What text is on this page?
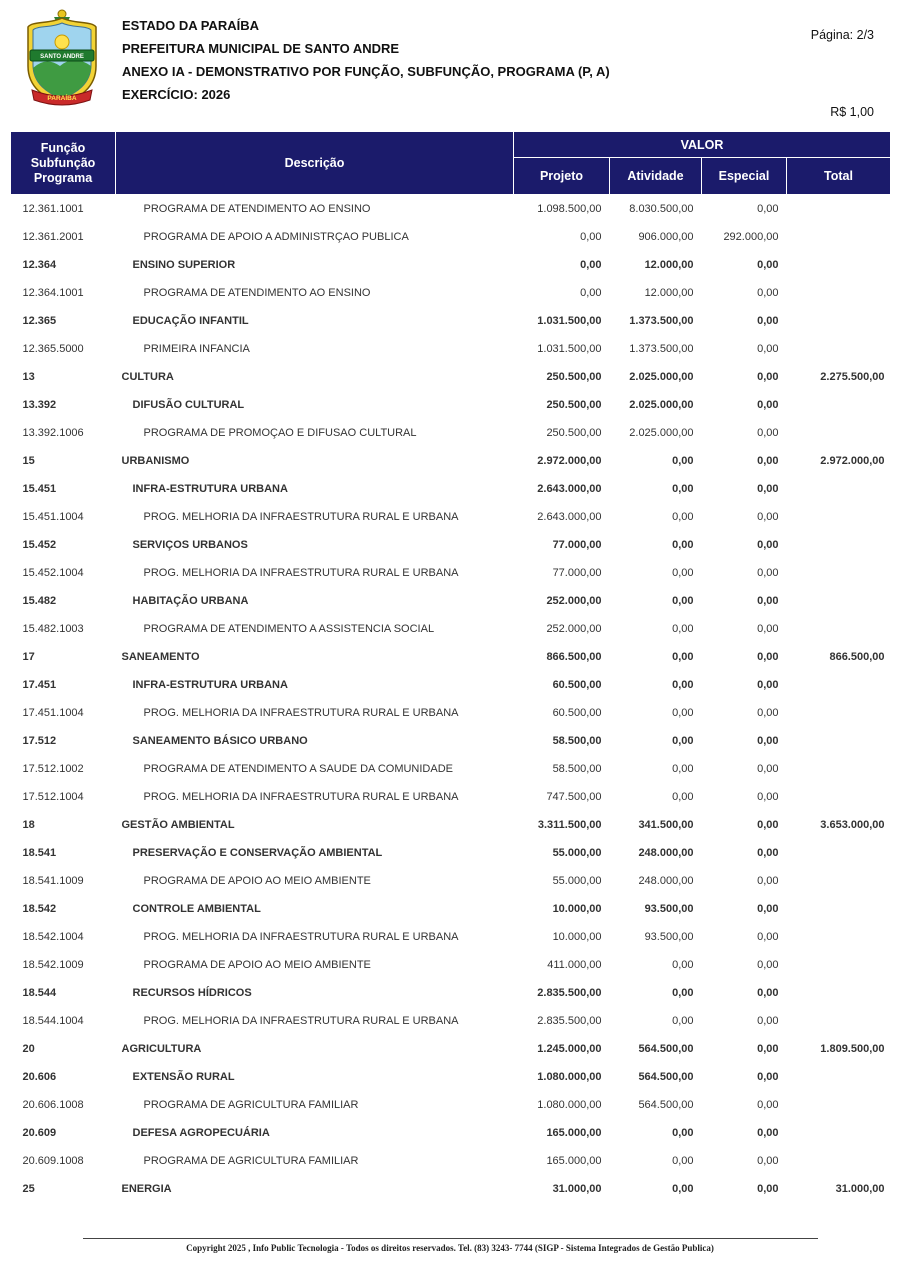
SANTO ANDRE
PARAÍBA
ESTADO DA PARAÍBA
PREFEITURA MUNICIPAL DE SANTO ANDRE
ANEXO IA - DEMONSTRATIVO POR FUNÇÃO, SUBFUNÇÃO, PROGRAMA (P, A)
EXERCÍCIO: 2026
Página: 2/3
R$ 1,00
Função
Subfunção
Programa	Descrição	VALOR			
		Projeto	Atividade	Especial	Total
12.361.1001	PROGRAMA DE ATENDIMENTO AO ENSINO	1.098.500,00	8.030.500,00	0,00	
12.361.2001	PROGRAMA DE APOIO A ADMINISTRÇAO PUBLICA	0,00	906.000,00	292.000,00	
12.364	ENSINO SUPERIOR	0,00	12.000,00	0,00	
12.364.1001	PROGRAMA DE ATENDIMENTO AO ENSINO	0,00	12.000,00	0,00	
12.365	EDUCAÇÃO INFANTIL	1.031.500,00	1.373.500,00	0,00	
12.365.5000	PRIMEIRA INFANCIA	1.031.500,00	1.373.500,00	0,00	
13	CULTURA	250.500,00	2.025.000,00	0,00	2.275.500,00
13.392	DIFUSÃO CULTURAL	250.500,00	2.025.000,00	0,00	
13.392.1006	PROGRAMA DE PROMOÇAO E DIFUSAO CULTURAL	250.500,00	2.025.000,00	0,00	
15	URBANISMO	2.972.000,00	0,00	0,00	2.972.000,00
15.451	INFRA-ESTRUTURA URBANA	2.643.000,00	0,00	0,00	
15.451.1004	PROG. MELHORIA DA INFRAESTRUTURA RURAL E URBANA	2.643.000,00	0,00	0,00	
15.452	SERVIÇOS URBANOS	77.000,00	0,00	0,00	
15.452.1004	PROG. MELHORIA DA INFRAESTRUTURA RURAL E URBANA	77.000,00	0,00	0,00	
15.482	HABITAÇÃO URBANA	252.000,00	0,00	0,00	
15.482.1003	PROGRAMA DE ATENDIMENTO A ASSISTENCIA SOCIAL	252.000,00	0,00	0,00	
17	SANEAMENTO	866.500,00	0,00	0,00	866.500,00
17.451	INFRA-ESTRUTURA URBANA	60.500,00	0,00	0,00	
17.451.1004	PROG. MELHORIA DA INFRAESTRUTURA RURAL E URBANA	60.500,00	0,00	0,00	
17.512	SANEAMENTO BÁSICO URBANO	58.500,00	0,00	0,00	
17.512.1002	PROGRAMA DE ATENDIMENTO A SAUDE DA COMUNIDADE	58.500,00	0,00	0,00	
17.512.1004	PROG. MELHORIA DA INFRAESTRUTURA RURAL E URBANA	747.500,00	0,00	0,00	
18	GESTÃO AMBIENTAL	3.311.500,00	341.500,00	0,00	3.653.000,00
18.541	PRESERVAÇÃO E CONSERVAÇÃO AMBIENTAL	55.000,00	248.000,00	0,00	
18.541.1009	PROGRAMA DE APOIO AO MEIO AMBIENTE	55.000,00	248.000,00	0,00	
18.542	CONTROLE AMBIENTAL	10.000,00	93.500,00	0,00	
18.542.1004	PROG. MELHORIA DA INFRAESTRUTURA RURAL E URBANA	10.000,00	93.500,00	0,00	
18.542.1009	PROGRAMA DE APOIO AO MEIO AMBIENTE	411.000,00	0,00	0,00	
18.544	RECURSOS HÍDRICOS	2.835.500,00	0,00	0,00	
18.544.1004	PROG. MELHORIA DA INFRAESTRUTURA RURAL E URBANA	2.835.500,00	0,00	0,00	
20	AGRICULTURA	1.245.000,00	564.500,00	0,00	1.809.500,00
20.606	EXTENSÃO RURAL	1.080.000,00	564.500,00	0,00	
20.606.1008	PROGRAMA DE AGRICULTURA FAMILIAR	1.080.000,00	564.500,00	0,00	
20.609	DEFESA AGROPECUÁRIA	165.000,00	0,00	0,00	
20.609.1008	PROGRAMA DE AGRICULTURA FAMILIAR	165.000,00	0,00	0,00	
25	ENERGIA	31.000,00	0,00	0,00	31.000,00
Copyright 2025 , Info Public Tecnologia - Todos os direitos reservados. Tel. (83) 3243- 7744 (SIGP - Sistema Integrados de Gestão Publica)
